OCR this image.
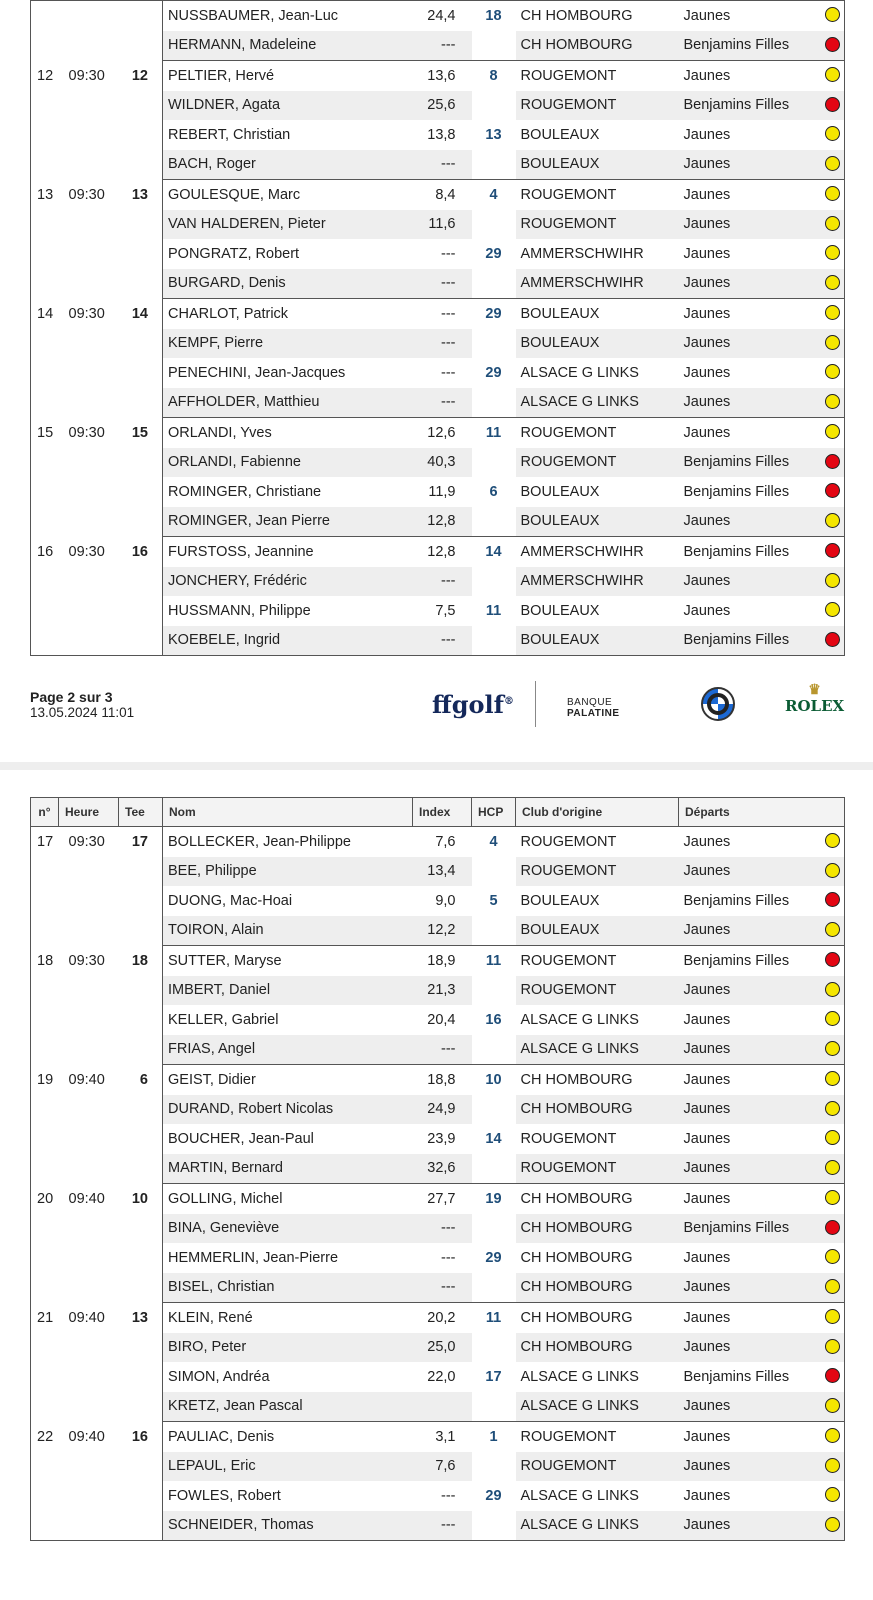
			NUSSBAUMER, Jean-Luc	24,4	18	CH HOMBOURG	Jaunes

			HERMANN, Madeleine	---		CH HOMBOURG	Benjamins Filles

12	09:30	12	PELTIER, Hervé	13,6	8	ROUGEMONT	Jaunes

			WILDNER, Agata	25,6		ROUGEMONT	Benjamins Filles

			REBERT, Christian	13,8	13	BOULEAUX	Jaunes

			BACH, Roger	---		BOULEAUX	Jaunes

13	09:30	13	GOULESQUE, Marc	8,4	4	ROUGEMONT	Jaunes

			VAN HALDEREN, Pieter	11,6		ROUGEMONT	Jaunes

			PONGRATZ, Robert	---	29	AMMERSCHWIHR	Jaunes

			BURGARD, Denis	---		AMMERSCHWIHR	Jaunes

14	09:30	14	CHARLOT, Patrick	---	29	BOULEAUX	Jaunes

			KEMPF, Pierre	---		BOULEAUX	Jaunes

			PENECHINI, Jean-Jacques	---	29	ALSACE G LINKS	Jaunes

			AFFHOLDER, Matthieu	---		ALSACE G LINKS	Jaunes

15	09:30	15	ORLANDI, Yves	12,6	11	ROUGEMONT	Jaunes

			ORLANDI, Fabienne	40,3		ROUGEMONT	Benjamins Filles

			ROMINGER, Christiane	11,9	6	BOULEAUX	Benjamins Filles

			ROMINGER, Jean Pierre	12,8		BOULEAUX	Jaunes

16	09:30	16	FURSTOSS, Jeannine	12,8	14	AMMERSCHWIHR	Benjamins Filles

			JONCHERY, Frédéric	---		AMMERSCHWIHR	Jaunes

			HUSSMANN, Philippe	7,5	11	BOULEAUX	Jaunes

			KOEBELE, Ingrid	---		BOULEAUX	Benjamins Filles
Page 2 sur 3
13.05.2024 11:01	ffgolf®	BANQUE
PALATINE
♛
ROLEX
n°	Heure	Tee	Nom	Index	HCP	Club d'origine	Départs
17	09:30	17	BOLLECKER, Jean-Philippe	7,6	4	ROUGEMONT	Jaunes

			BEE, Philippe	13,4		ROUGEMONT	Jaunes

			DUONG, Mac-Hoai	9,0	5	BOULEAUX	Benjamins Filles

			TOIRON, Alain	12,2		BOULEAUX	Jaunes

18	09:30	18	SUTTER, Maryse	18,9	11	ROUGEMONT	Benjamins Filles

			IMBERT, Daniel	21,3		ROUGEMONT	Jaunes

			KELLER, Gabriel	20,4	16	ALSACE G LINKS	Jaunes

			FRIAS, Angel	---		ALSACE G LINKS	Jaunes

19	09:40	6	GEIST, Didier	18,8	10	CH HOMBOURG	Jaunes

			DURAND, Robert Nicolas	24,9		CH HOMBOURG	Jaunes

			BOUCHER, Jean-Paul	23,9	14	ROUGEMONT	Jaunes

			MARTIN, Bernard	32,6		ROUGEMONT	Jaunes

20	09:40	10	GOLLING, Michel	27,7	19	CH HOMBOURG	Jaunes

			BINA, Geneviève	---		CH HOMBOURG	Benjamins Filles

			HEMMERLIN, Jean-Pierre	---	29	CH HOMBOURG	Jaunes

			BISEL, Christian	---		CH HOMBOURG	Jaunes

21	09:40	13	KLEIN, René	20,2	11	CH HOMBOURG	Jaunes

			BIRO, Peter	25,0		CH HOMBOURG	Jaunes

			SIMON, Andréa	22,0	17	ALSACE G LINKS	Benjamins Filles

			KRETZ, Jean Pascal			ALSACE G LINKS	Jaunes

22	09:40	16	PAULIAC, Denis	3,1	1	ROUGEMONT	Jaunes

			LEPAUL, Eric	7,6		ROUGEMONT	Jaunes

			FOWLES, Robert	---	29	ALSACE G LINKS	Jaunes

			SCHNEIDER, Thomas	---		ALSACE G LINKS	Jaunes
